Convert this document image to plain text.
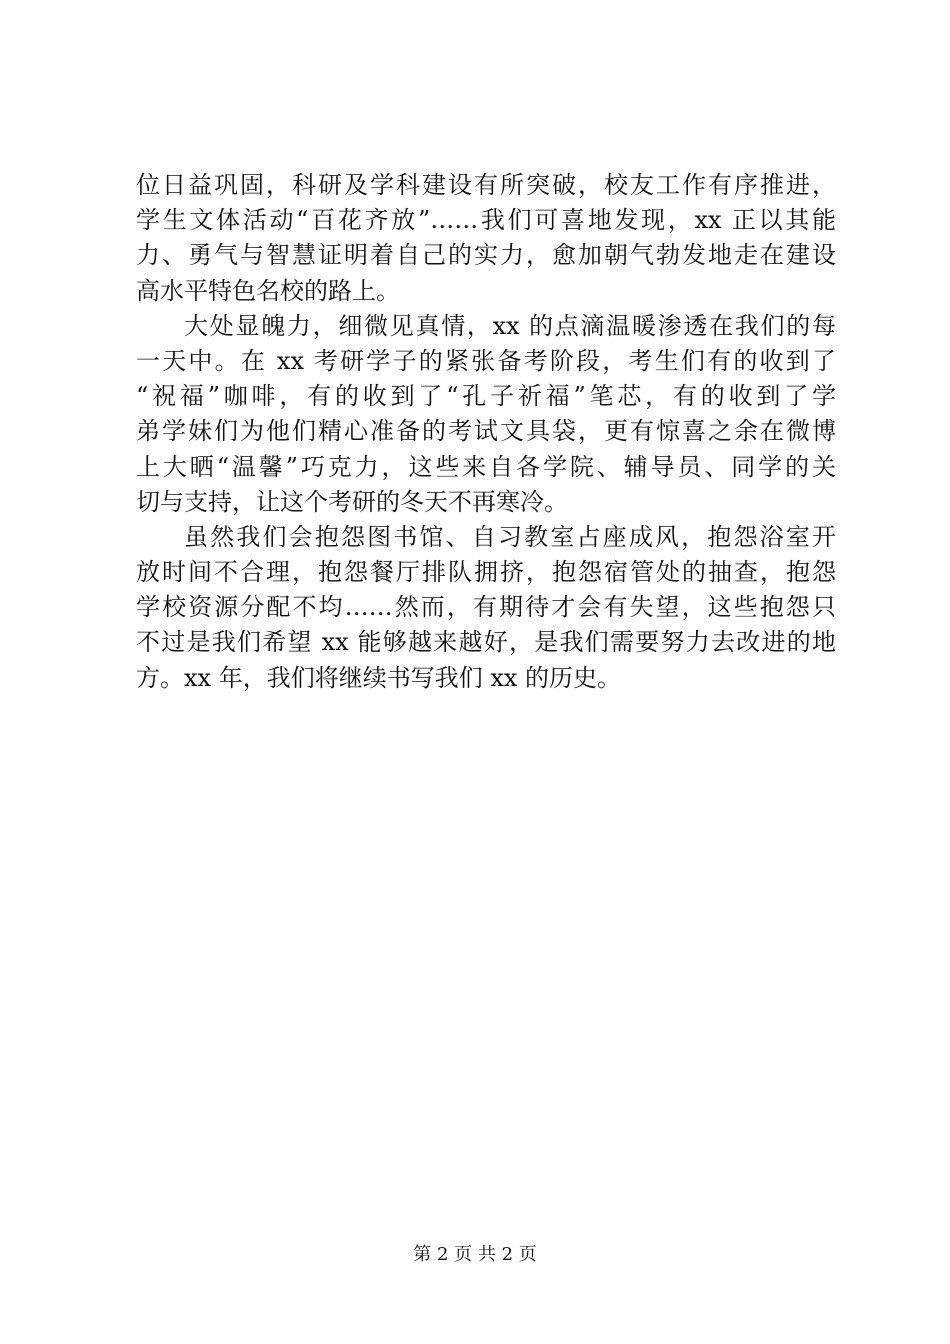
位日益巩固，科研及学科建设有所突破，校友工作有序推进，
学生文体活动“百花齐放”……我们可喜地发现，xx 正以其能
力、勇气与智慧证明着自己的实力，愈加朝气勃发地走在建设
高水平特色名校的路上。
大处显魄力，细微见真情，xx 的点滴温暖渗透在我们的每
一天中。在 xx 考研学子的紧张备考阶段，考生们有的收到了
“祝福”咖啡，有的收到了“孔子祈福”笔芯，有的收到了学
弟学妹们为他们精心准备的考试文具袋，更有惊喜之余在微博
上大晒“温馨”巧克力，这些来自各学院、辅导员、同学的关
切与支持，让这个考研的冬天不再寒冷。
虽然我们会抱怨图书馆、自习教室占座成风，抱怨浴室开
放时间不合理，抱怨餐厅排队拥挤，抱怨宿管处的抽查，抱怨
学校资源分配不均……然而，有期待才会有失望，这些抱怨只
不过是我们希望 xx 能够越来越好，是我们需要努力去改进的地
方。xx 年，我们将继续书写我们 xx 的历史。
第 2 页 共 2 页
